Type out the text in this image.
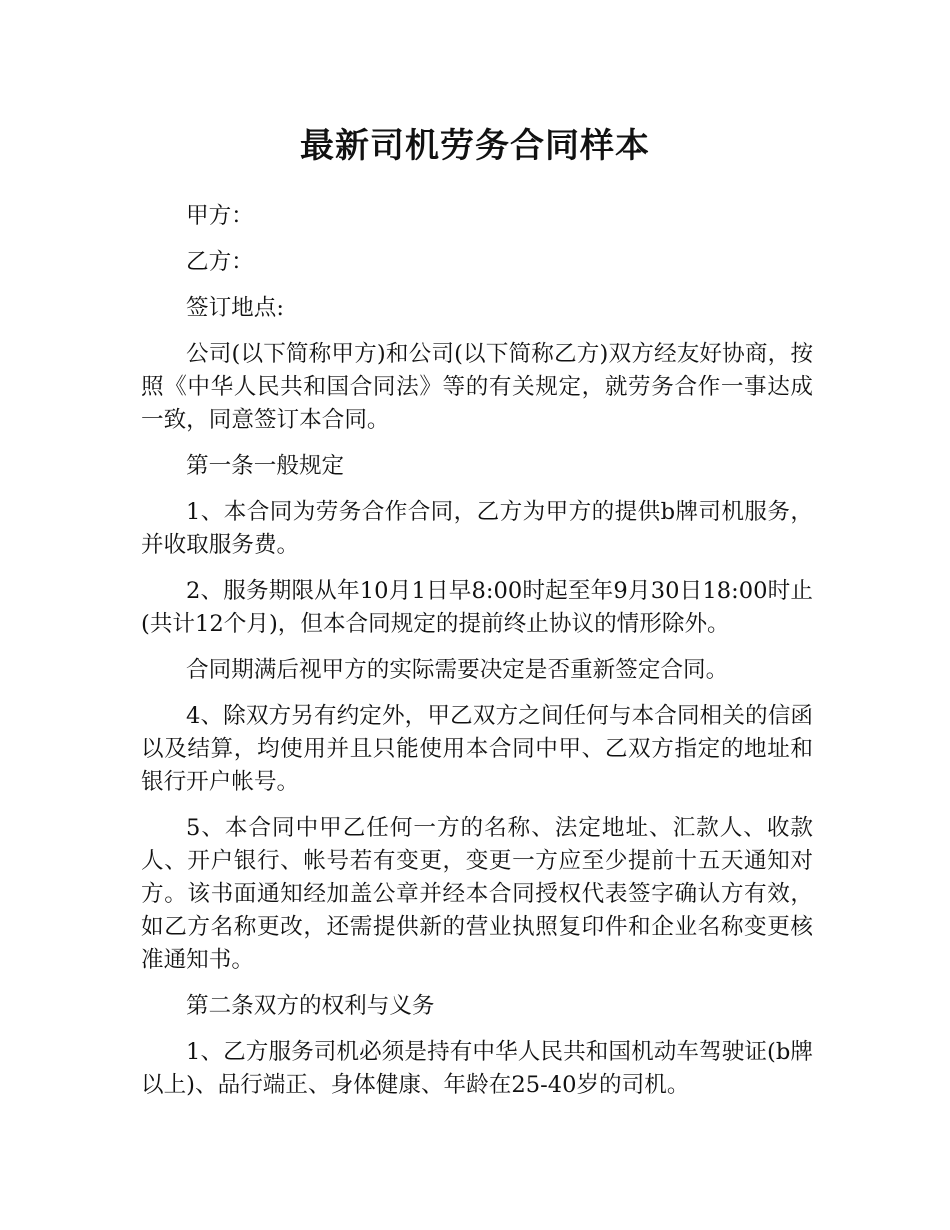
最新司机劳务合同样本

甲方：

乙方：

签订地点:

公司(以下简称甲方)和公司(以下简称乙方)双方经友好协商，按照《中华人民共和国合同法》等的有关规定，就劳务合作一事达成一致，同意签订本合同。

第一条一般规定

1、本合同为劳务合作合同，乙方为甲方的提供b牌司机服务，并收取服务费。

2、服务期限从年10月1日早8:00时起至年9月30日18:00时止(共计12个月)，但本合同规定的提前终止协议的情形除外。

合同期满后视甲方的实际需要决定是否重新签定合同。

4、除双方另有约定外，甲乙双方之间任何与本合同相关的信函以及结算，均使用并且只能使用本合同中甲、乙双方指定的地址和银行开户帐号。

5、本合同中甲乙任何一方的名称、法定地址、汇款人、收款人、开户银行、帐号若有变更，变更一方应至少提前十五天通知对方。该书面通知经加盖公章并经本合同授权代表签字确认方有效，如乙方名称更改，还需提供新的营业执照复印件和企业名称变更核准通知书。

第二条双方的权利与义务

1、乙方服务司机必须是持有中华人民共和国机动车驾驶证(b牌以上)、品行端正、身体健康、年龄在25-40岁的司机。
